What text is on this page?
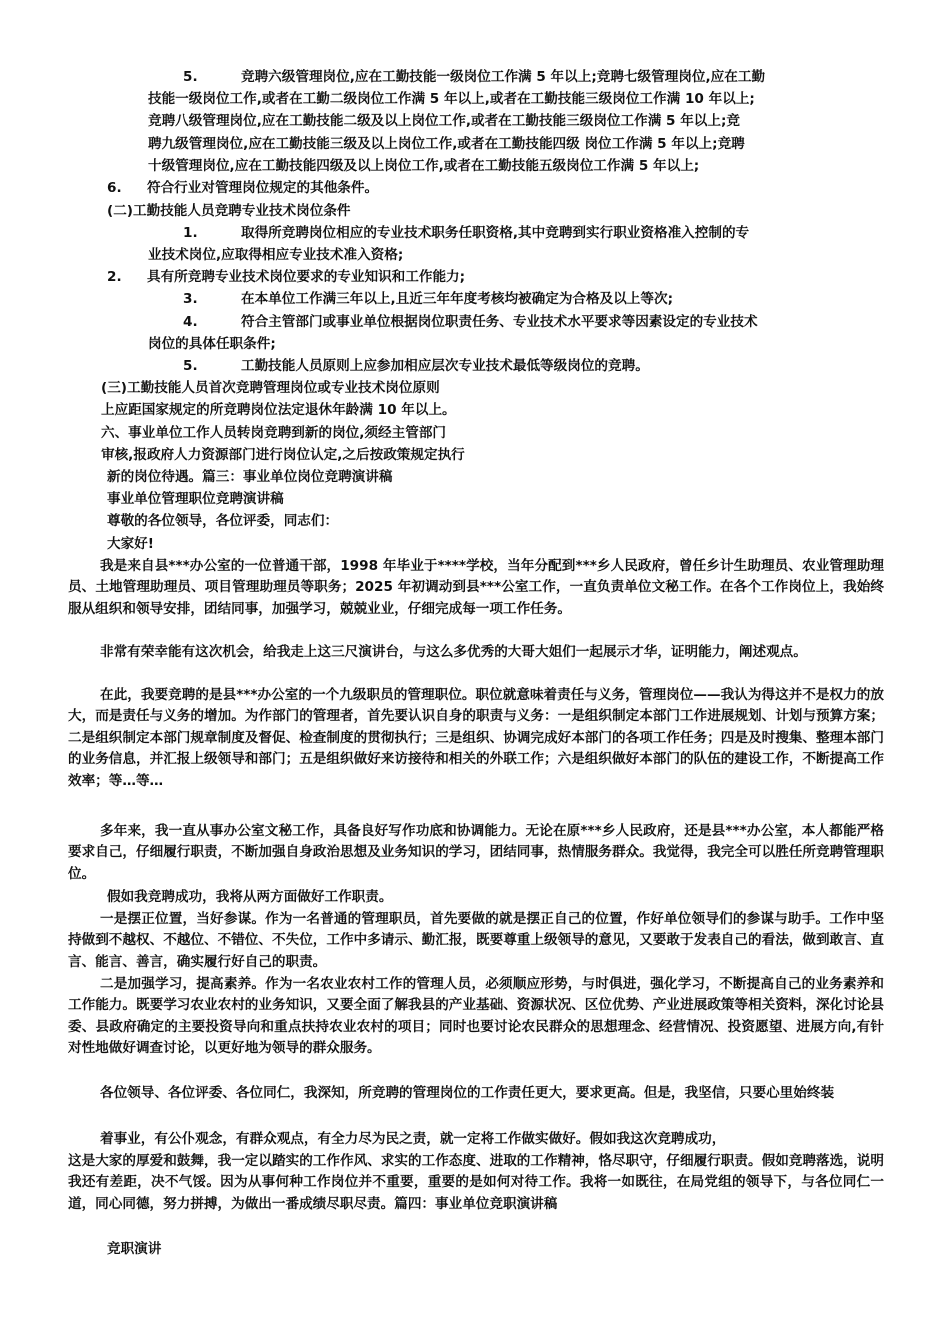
5.	竞聘六级管理岗位,应在工勤技能一级岗位工作满 5 年以上;竞聘七级管理岗位,应在工勤
技能一级岗位工作,或者在工勤二级岗位工作满 5 年以上,或者在工勤技能三级岗位工作满 10 年以上;
竞聘八级管理岗位,应在工勤技能二级及以上岗位工作,或者在工勤技能三级岗位工作满 5 年以上;竞
聘九级管理岗位,应在工勤技能三级及以上岗位工作,或者在工勤技能四级 岗位工作满 5 年以上;竞聘
十级管理岗位,应在工勤技能四级及以上岗位工作,或者在工勤技能五级岗位工作满 5 年以上;
6. 符合行业对管理岗位规定的其他条件。
(二)工勤技能人员竞聘专业技术岗位条件
1.	取得所竞聘岗位相应的专业技术职务任职资格,其中竞聘到实行职业资格准入控制的专
业技术岗位,应取得相应专业技术准入资格;
2. 具有所竞聘专业技术岗位要求的专业知识和工作能力;
3.	在本单位工作满三年以上,且近三年年度考核均被确定为合格及以上等次;
4.	符合主管部门或事业单位根据岗位职责任务、专业技术水平要求等因素设定的专业技术
岗位的具体任职条件;
5.	工勤技能人员原则上应参加相应层次专业技术最低等级岗位的竞聘。
(三)工勤技能人员首次竞聘管理岗位或专业技术岗位原则
上应距国家规定的所竞聘岗位法定退休年龄满 10 年以上。
六、事业单位工作人员转岗竞聘到新的岗位,须经主管部门
审核,报政府人力资源部门进行岗位认定,之后按政策规定执行
新的岗位待遇。篇三：事业单位岗位竞聘演讲稿
事业单位管理职位竞聘演讲稿
尊敬的各位领导，各位评委，同志们：
大家好!
我是来自县***办公室的一位普通干部，1998 年毕业于****学校，当年分配到***乡人民政府，曾任乡计生助理员、农业管理助理员、土地管理助理员、项目管理助理员等职务；2025 年初调动到县***公室工作，一直负责单位文秘工作。在各个工作岗位上，我始终服从组织和领导安排，团结同事，加强学习，兢兢业业，仔细完成每一项工作任务。
非常有荣幸能有这次机会，给我走上这三尺演讲台，与这么多优秀的大哥大姐们一起展示才华，证明能力，阐述观点。
在此，我要竞聘的是县***办公室的一个九级职员的管理职位。职位就意味着责任与义务，管理岗位——我认为得这并不是权力的放大，而是责任与义务的增加。为作部门的管理者，首先要认识自身的职责与义务：一是组织制定本部门工作进展规划、计划与预算方案；二是组织制定本部门规章制度及督促、检查制度的贯彻执行；三是组织、协调完成好本部门的各项工作任务；四是及时搜集、整理本部门的业务信息，并汇报上级领导和部门；五是组织做好来访接待和相关的外联工作；六是组织做好本部门的队伍的建设工作，不断提高工作效率；等…等…
多年来，我一直从事办公室文秘工作，具备良好写作功底和协调能力。无论在原***乡人民政府，还是县***办公室，本人都能严格要求自己，仔细履行职责，不断加强自身政治思想及业务知识的学习，团结同事，热情服务群众。我觉得，我完全可以胜任所竞聘管理职位。
假如我竞聘成功，我将从两方面做好工作职责。
一是摆正位置，当好参谋。作为一名普通的管理职员，首先要做的就是摆正自己的位置，作好单位领导们的参谋与助手。工作中坚持做到不越权、不越位、不错位、不失位，工作中多请示、勤汇报，既要尊重上级领导的意见，又要敢于发表自己的看法，做到敢言、直言、能言、善言，确实履行好自己的职责。
二是加强学习，提高素养。作为一名农业农村工作的管理人员，必须顺应形势，与时俱进，强化学习，不断提高自己的业务素养和工作能力。既要学习农业农村的业务知识，又要全面了解我县的产业基础、资源状况、区位优势、产业进展政策等相关资料，深化讨论县委、县政府确定的主要投资导向和重点扶持农业农村的项目；同时也要讨论农民群众的思想理念、经营情况、投资愿望、进展方向,有针对性地做好调查讨论，以更好地为领导的群众服务。
各位领导、各位评委、各位同仁，我深知，所竞聘的管理岗位的工作责任更大，要求更高。但是，我坚信，只要心里始终装
着事业，有公仆观念，有群众观点，有全力尽为民之责，就一定将工作做实做好。假如我这次竞聘成功，
这是大家的厚爱和鼓舞，我一定以踏实的工作作风、求实的工作态度、进取的工作精神，恪尽职守，仔细履行职责。假如竞聘落选，说明我还有差距，决不气馁。因为从事何种工作岗位并不重要，重要的是如何对待工作。我将一如既往，在局党组的领导下，与各位同仁一道，同心同德，努力拼搏，为做出一番成绩尽职尽责。篇四：事业单位竞职演讲稿
竞职演讲
